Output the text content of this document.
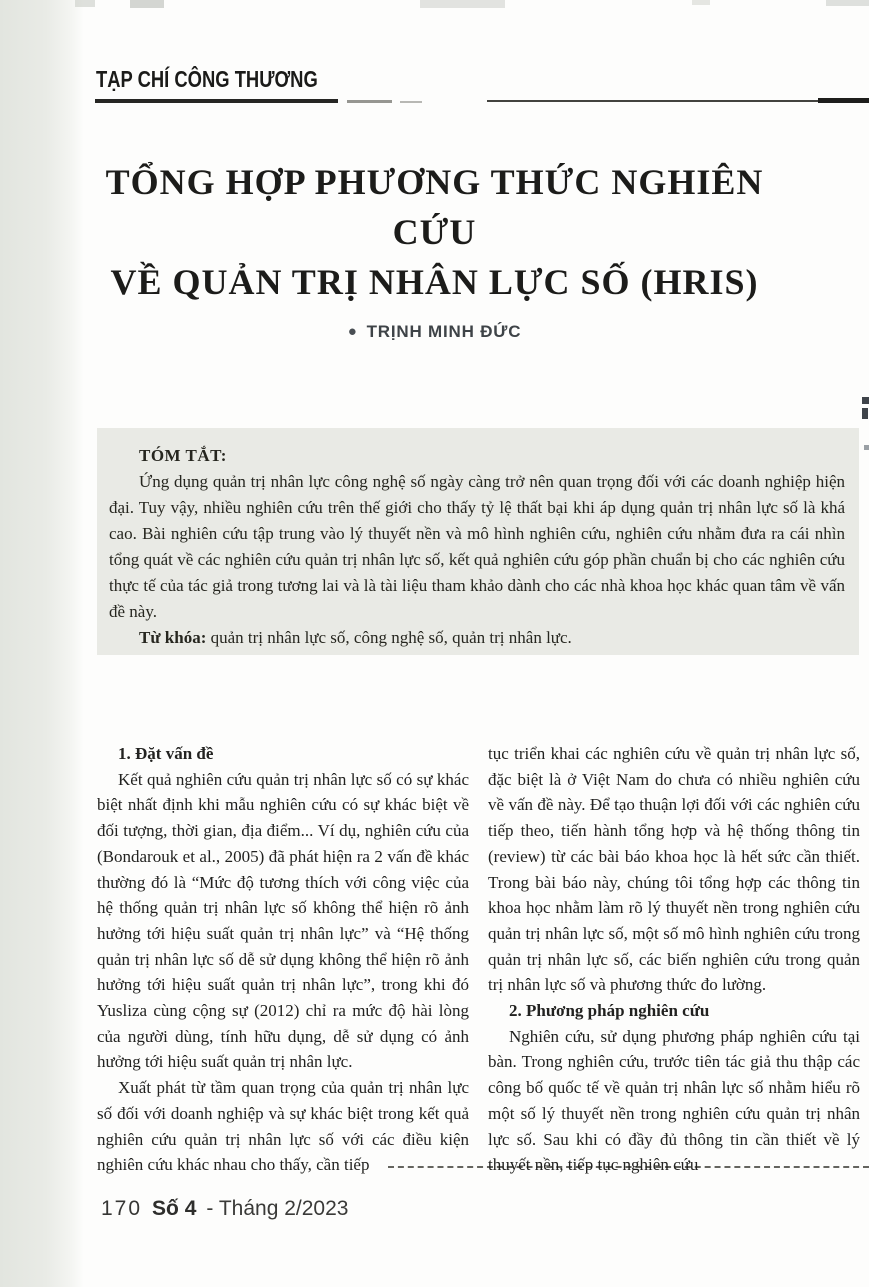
TẠP CHÍ CÔNG THƯƠNG
TỔNG HỢP PHƯƠNG THỨC NGHIÊN CỨU
VỀ QUẢN TRỊ NHÂN LỰC SỐ (HRIS)
● TRỊNH MINH ĐỨC
TÓM TẮT:

Ứng dụng quản trị nhân lực công nghệ số ngày càng trở nên quan trọng đối với các doanh nghiệp hiện đại. Tuy vậy, nhiều nghiên cứu trên thế giới cho thấy tỷ lệ thất bại khi áp dụng quản trị nhân lực số là khá cao. Bài nghiên cứu tập trung vào lý thuyết nền và mô hình nghiên cứu, nghiên cứu nhằm đưa ra cái nhìn tổng quát về các nghiên cứu quản trị nhân lực số, kết quả nghiên cứu góp phần chuẩn bị cho các nghiên cứu thực tế của tác giả trong tương lai và là tài liệu tham khảo dành cho các nhà khoa học khác quan tâm về vấn đề này.

Từ khóa: quản trị nhân lực số, công nghệ số, quản trị nhân lực.

1. Đặt vấn đề

Kết quả nghiên cứu quản trị nhân lực số có sự khác biệt nhất định khi mẫu nghiên cứu có sự khác biệt về đối tượng, thời gian, địa điểm... Ví dụ, nghiên cứu của (Bondarouk et al., 2005) đã phát hiện ra 2 vấn đề khác thường đó là “Mức độ tương thích với công việc của hệ thống quản trị nhân lực số không thể hiện rõ ảnh hưởng tới hiệu suất quản trị nhân lực” và “Hệ thống quản trị nhân lực số dễ sử dụng không thể hiện rõ ảnh hưởng tới hiệu suất quản trị nhân lực”, trong khi đó Yusliza cùng cộng sự (2012) chỉ ra mức độ hài lòng của người dùng, tính hữu dụng, dễ sử dụng có ảnh hưởng tới hiệu suất quản trị nhân lực.

Xuất phát từ tầm quan trọng của quản trị nhân lực số đối với doanh nghiệp và sự khác biệt trong kết quả nghiên cứu quản trị nhân lực số với các điều kiện nghiên cứu khác nhau cho thấy, cần tiếp

tục triển khai các nghiên cứu về quản trị nhân lực số, đặc biệt là ở Việt Nam do chưa có nhiều nghiên cứu về vấn đề này. Để tạo thuận lợi đối với các nghiên cứu tiếp theo, tiến hành tổng hợp và hệ thống thông tin (review) từ các bài báo khoa học là hết sức cần thiết. Trong bài báo này, chúng tôi tổng hợp các thông tin khoa học nhằm làm rõ lý thuyết nền trong nghiên cứu quản trị nhân lực số, một số mô hình nghiên cứu trong quản trị nhân lực số, các biến nghiên cứu trong quản trị nhân lực số và phương thức đo lường.

2. Phương pháp nghiên cứu

Nghiên cứu, sử dụng phương pháp nghiên cứu tại bàn. Trong nghiên cứu, trước tiên tác giả thu thập các công bố quốc tế về quản trị nhân lực số nhằm hiểu rõ một số lý thuyết nền trong nghiên cứu quản trị nhân lực số. Sau khi có đầy đủ thông tin cần thiết về lý thuyết nền, tiếp tục nghiên cứu

170 Số 4 - Tháng 2/2023
